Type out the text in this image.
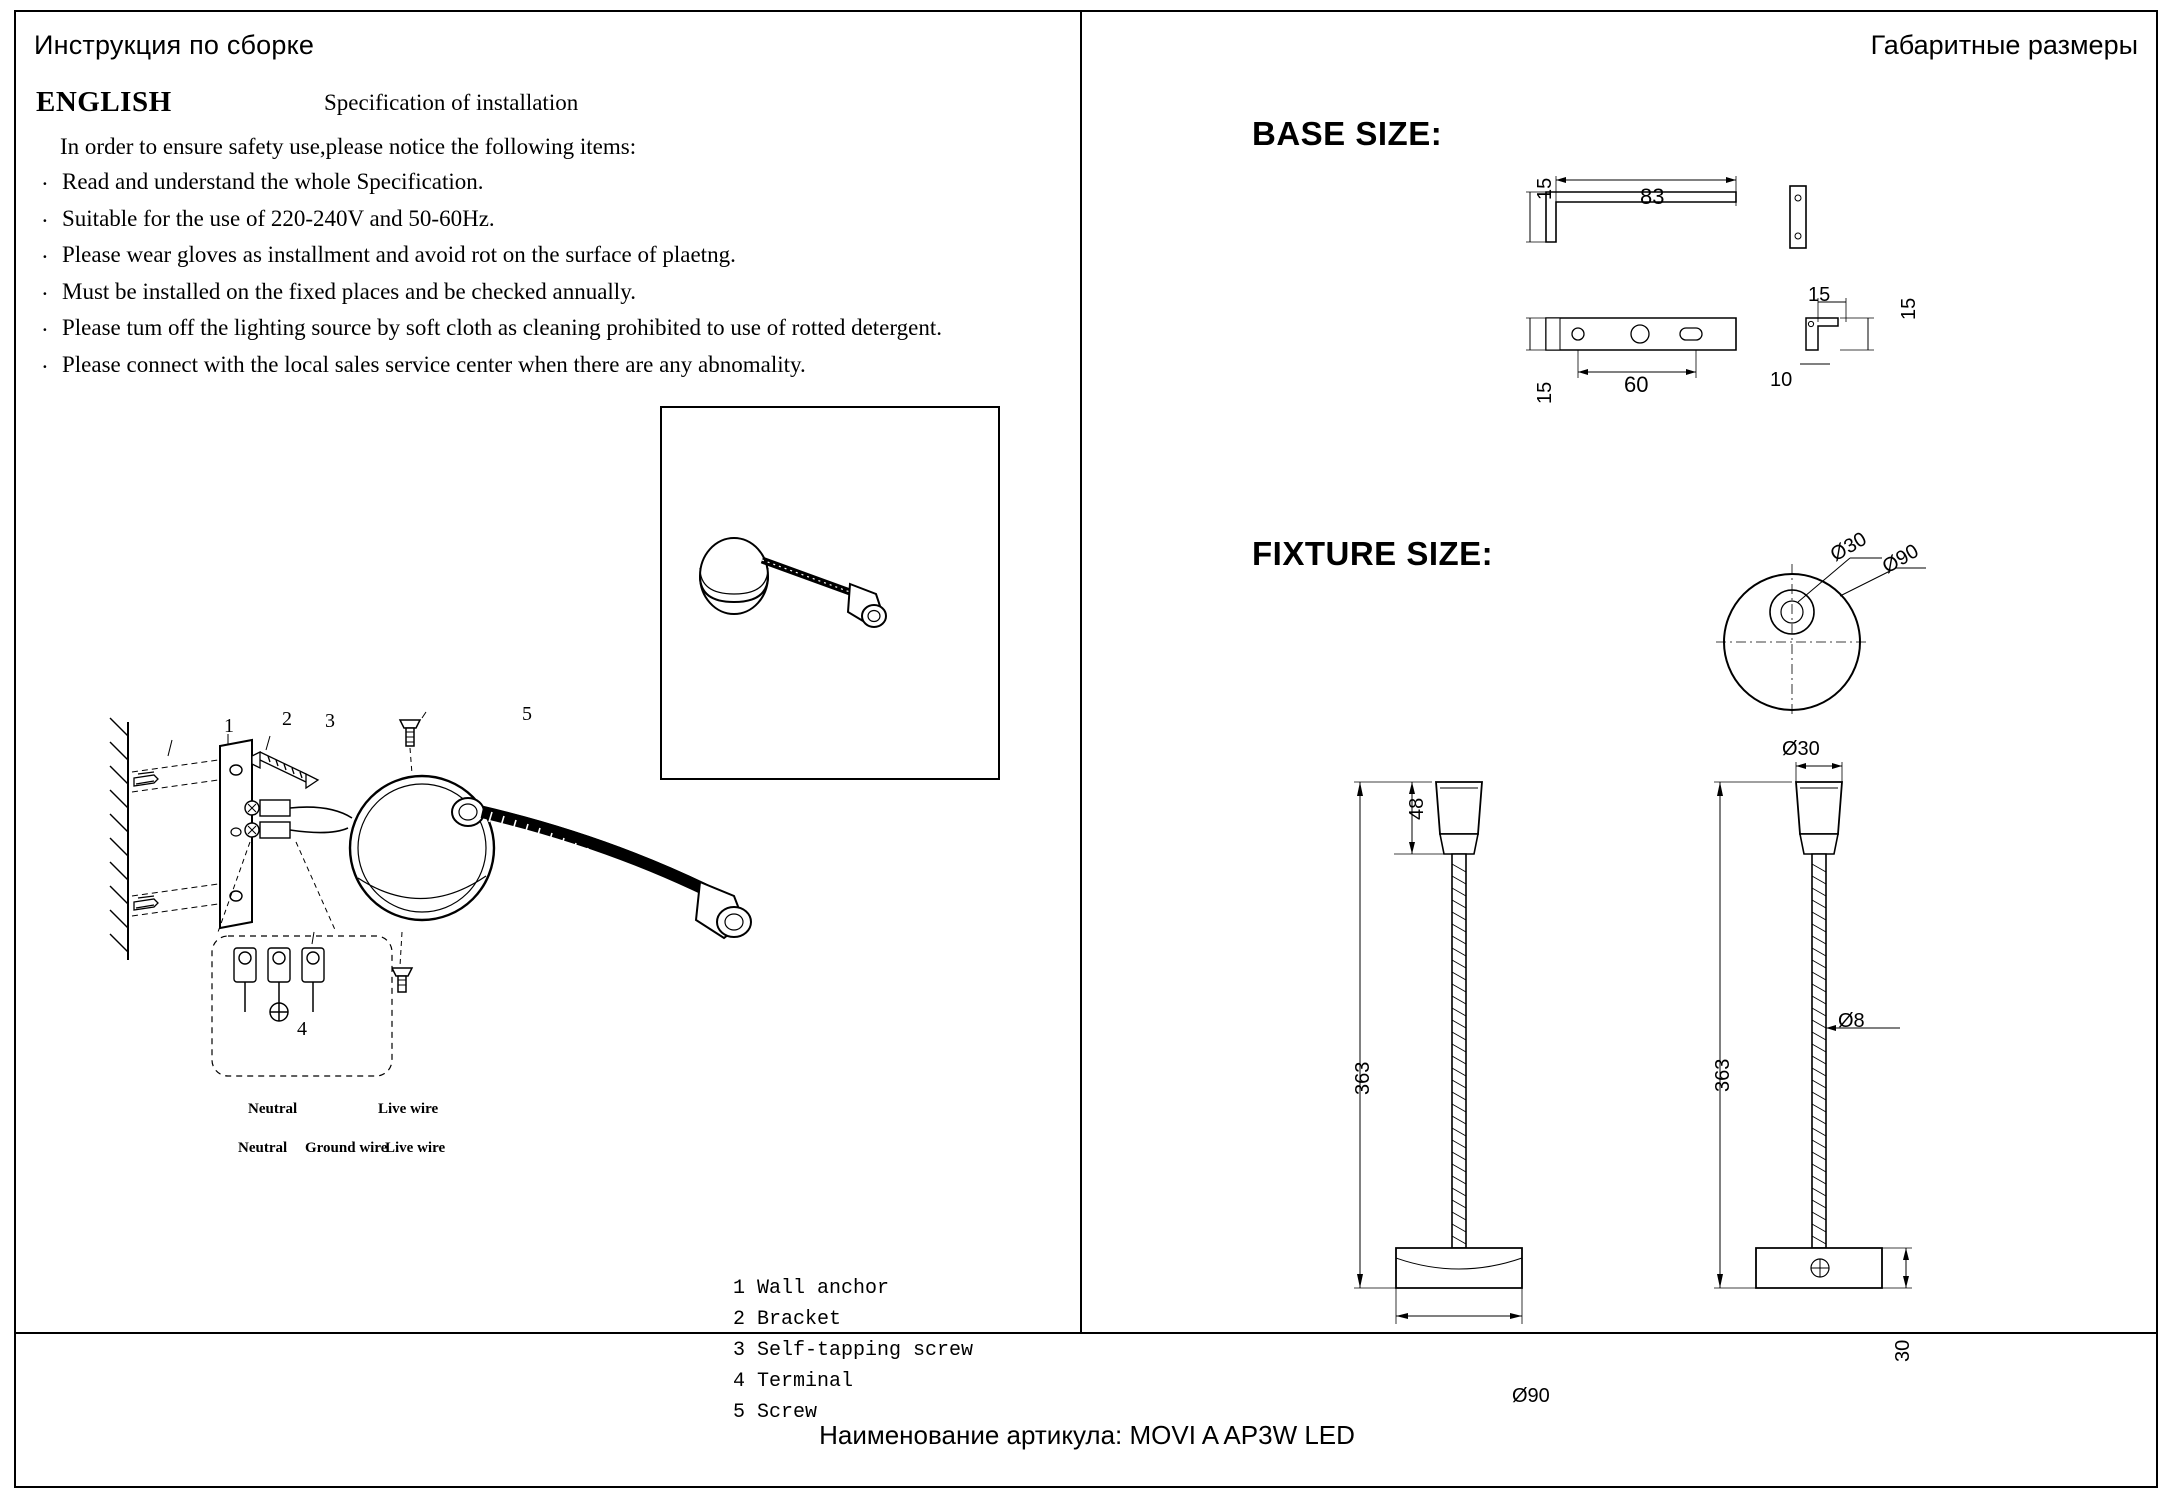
Инструкция по сборке	Габаритные размеры
ENGLISH	Specification of installation
In order to ensure safety use,please notice the following items:
. Read and understand the whole Specification.
. Suitable for the use of 220-240V and 50-60Hz.
. Please wear gloves as installment and avoid rot on the surface of plaetng.
. Must be installed on the fixed places and be checked annually.
. Please tum off the lighting source by soft cloth as cleaning prohibited to use of rotted detergent.
. Please connect with the local sales service center when there are any abnomality.
1 2 3
4
5
Neutral	Live wire
Neutral Ground wire
Live wire
1 Wall anchor
2 Bracket
3 Self-tapping screw
4 Terminal
5 Screw
BASE SIZE:
15	83
15	60
15
15
10
FIXTURE SIZE:	Ø30 Ø90
48
363
Ø90
Ø30
Ø8
363
30
Наименование артикула: MOVI A AP3W LED
